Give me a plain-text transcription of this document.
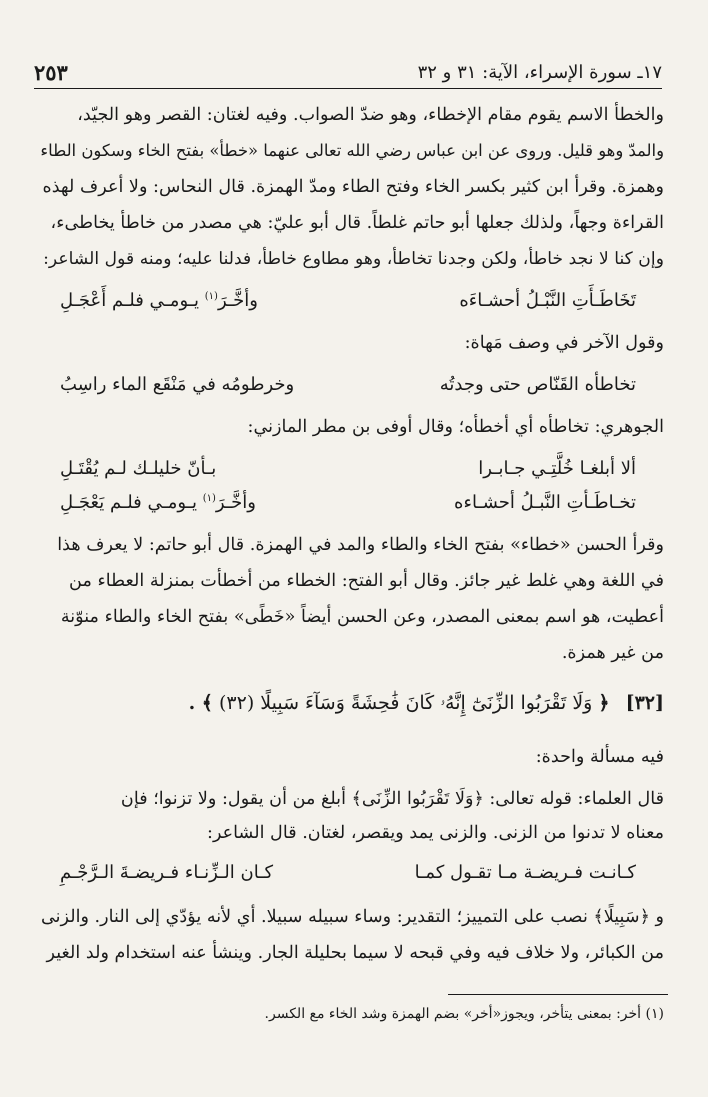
١٧ـ سورة الإسراء، الآية: ٣١ و ٣٢
٢٥٣
والخطأ الاسم يقوم مقام الإخطاء، وهو ضدّ الصواب. وفيه لغتان: القصر وهو الجيّد،
والمدّ وهو قليل. وروى عن ابن عباس رضي الله تعالى عنهما «خطأ» بفتح الخاء وسكون الطاء
وهمزة. وقرأ ابن كثير بكسر الخاء وفتح الطاء ومدّ الهمزة. قال النحاس: ولا أعرف لهذه
القراءة وجهاً، ولذلك جعلها أبو حاتم غلطاً. قال أبو عليّ: هي مصدر من خاطأ يخاطىء،
وإن كنا لا نجد خاطأ، ولكن وجدنا تخاطأ، وهو مطاوع خاطأ، فدلنا عليه؛ ومنه قول الشاعر:
تَخَاطَـأَتِ النَّبْـلُ أحشـاءَه
وأخَّـرَ$^{(١)}$ يـومـي فلـم أَعْجَـلِ
وقول الآخر في وصف مَهاة:
تخاطأه القَنّاص حتى وجدتُه
وخرطومُه في مَنْقَع الماء راسِبُ
الجوهري: تخاطأه أي أخطأه؛ وقال أوفى بن مطر المازني:
ألا أبلغـا خُلَّتِـي جـابـرا
بـأنّ خليلـك لـم يُقْتَـلِ
تخـاطَـأتِ النَّبـلُ أحشـاءه
وأخَّـرَ$^{(١)}$ يـومـي فلـم يَعْجَـلِ
وقرأ الحسن «خطاء» بفتح الخاء والطاء والمد في الهمزة. قال أبو حاتم: لا يعرف هذا
في اللغة وهي غلط غير جائز. وقال أبو الفتح: الخطاء من أخطأت بمنزلة العطاء من
أعطيت، هو اسم بمعنى المصدر، وعن الحسن أيضاً «خَطًى» بفتح الخاء والطاء منوّنة
من غير همزة.
[٣٢] ﴿ وَلَا تَقْرَبُوا الزِّنَىٰٓ إِنَّهُۥ كَانَ فَٰحِشَةً وَسَآءَ سَبِيلًا (٣٢) ﴾ .
فيه مسألة واحدة:
قال العلماء: قوله تعالى: ﴿وَلَا تَقْرَبُوا الزِّنَى﴾ أبلغ من أن يقول: ولا تزنوا؛ فإن
معناه لا تدنوا من الزنى. والزنى يمد ويقصر، لغتان. قال الشاعر:
كـانـت فـريضـة مـا تقـول كمـا
كـان الـزِّنـاء فـريضـةَ الـرَّجْـمِ
و ﴿سَبِيلًا﴾ نصب على التمييز؛ التقدير: وساء سبيله سبيلا. أي لأنه يؤدّي إلى النار. والزنى
من الكبائر، ولا خلاف فيه وفي قبحه لا سيما بحليلة الجار. وينشأ عنه استخدام ولد الغير
(١) أخر: بمعنى يتأخر، ويجوز«أخر» بضم الهمزة وشد الخاء مع الكسر.
